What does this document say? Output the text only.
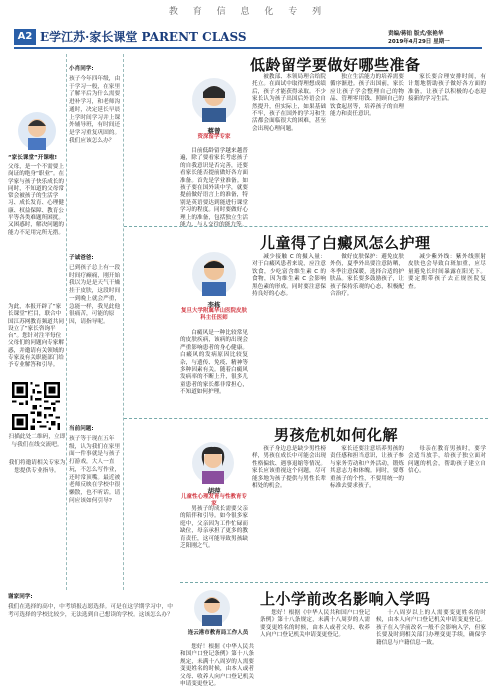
教 育 信 息 化 专 列
A2 E学江苏·家长课堂 PARENT CLASS	责编/蒋铂 版式/张艳华
2019年4月29日 星期一
“家长课堂”开课啦!
父母，是一个不需要上岗证的绝身“职业”。在学家与孩子快乐成长的同时，不知道的父母常常会被孩子的生活学习、成长发育、心理健康、权益保障、教育公平等各类难题所困扰。又困惑时，解决问题的能力不足用完所无措。
为此，本报开辟了“家长课堂”栏目，联合中国江苏网教育频道共同设立了“家长咨询平台”。您针对注平每位父母们的问题向专家解惑，并邀请有关领域的专家及有关职能部门给予专业解答和引导。
扫描此处二维码，立即与我们在线交流吧。
我们将邀请相关专家为您提供专业指导。
小肖同学:
孩子今年四年级，由于学习一般，在家里了解平后为什么需要进补学习，和老师沟通时，决定延长早晨上学时间学习并上课外辅导班，有时间还是学习重复巩固的。我们应该怎么办？
子诚爸爸:
已到孩子总上有一段时间疗癫痫，刚开始我以为是是天气干燥挂于皮肤，这段时间一到晚上就会严重，急能一样，我见此他很痛苦，可能的原因，请指导呢。
当前问题:
孩子等于现在五年级，认为我们在家里面一件事就是与孩子打游戏，大人一直玩，不怎么写作业，还时常顶嘴。最近被老师反映在学校中很懒散，也不听话。请问应该如何引导?
谢家同学:
我们在选择的高中，中考填报志愿选择。可是在这学期学习中，中考可选择的学校比较少，无法选到自己想读的学校。这该怎么办？
低龄留学要做好哪些准备
蔡曾
资深留学专家

目前低龄留学越来越普遍，除了要看家长考虑孩子的自我意识是否完善，还要看家长能否提前做好各方面准备。首先是学业准备。如孩子要在国外读中学，就要提前做好语言上的准备，特别是英语要达到能进行课堂学习的程度。同时要做好心理上的准备，包括独立生活能力、与人交往的能力等。

被教部、本领局理合给院托立。在面试中取得理想成绩后，孩子才能获得录取。不少家长认为孩子出国后外语会自然提升，但实际上，如果基础不牢，孩子在国外的学习和生活都会面临很大的困难，甚至会出现心理问题。

独立生活能力的培养需要循序渐进。孩子出国前，家长应让孩子学会整理自己的物品、管理零用钱、照顾自己的饮食起居等，培养孩子的自理能力和责任意识。

家长要合理安排时间，有计划地帮助孩子做好各方面的准备，让孩子以积极的心态迎接新的学习生活。

儿童得了白癜风怎么护理
李栋
复旦大学附属华山医院皮肤科主任医师

白癜风是一种比较常见的皮肤疾病，该病的出现会严重影响患者的身心健康。白癜风的发病原因比较复杂，与遗传、免疫、精神等多种因素有关。随着白癜风发病率的不断上升，很多儿童患者的家长都非常担心，不知道如何护理。

减少接触 C 的摄入量：对于白癜风患者来说，应注意饮食，少吃富含维生素 C 的食物，因为维生素 C 会影响黑色素的形成。同时要注意保持良好的心态。

做好皮肤保护：避免皮肤外伤，夏季外出要注意防晒，冬季注意保暖，选择合适的护肤品。家长要多鼓励孩子，让孩子保持乐观的心态，积极配合治疗。

减少紫外线：紫外线照射皮肤也会导致白斑加重，应尽量避免长时间暴露在阳光下。要定期带孩子去正规医院复查。

男孩危机如何化解
胡萍
儿童性心理发育与性教育专家

男孩子的成长需要父亲的陪伴和引导。如今很多家庭中，父亲因为工作忙碌而缺位，母亲承担了更多的教育责任，这可能导致男孩缺乏阳刚之气。

孩子身边总是缺少男性榜样，男孩在成长中可能会出现性格偏软、遇事退缩等情况。家长应该重视这个问题，尽可能多地为孩子提供与男性长辈相处的机会。

家长还要注意培养男孩的责任感和担当意识，让孩子参与家务劳动和户外活动，锻炼其意志力和体魄。同时，要尊重孩子的个性，不要用统一的标准去要求孩子。

母亲在教育男孩时，要学会适当放手，给孩子独立面对问题的机会，帮助孩子建立自信心。

上小学前改名影响入学吗
连云港市教育局工作人员

您好！根据《中华人民共和国户口登记条例》第十八条规定，未满十八周岁的人需要变更姓名的时候，由本人或者父母、收养人向户口登记机关申请变更登记。

您好！根据《中华人民共和国户口登记条例》第十八条规定，未满十八周岁的人需要变更姓名的时候，由本人或者父母、收养人向户口登记机关申请变更登记。

十八周岁以上的人需要变更姓名的时候，由本人向户口登记机关申请变更登记。孩子在入学前改名一般不会影响入学，但家长要及时到相关部门办理变更手续，确保学籍信息与户籍信息一致。
